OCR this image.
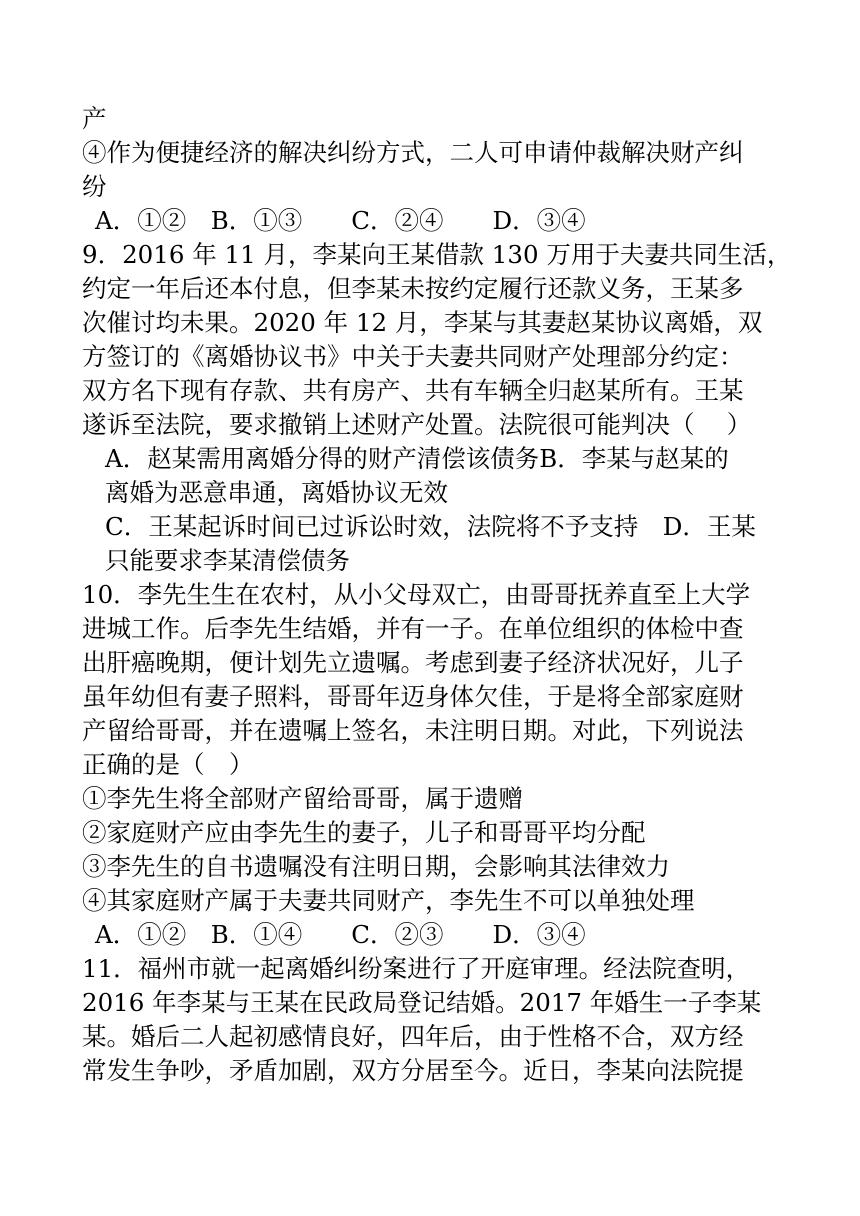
产
④作为便捷经济的解决纠纷方式，二人可申请仲裁解决财产纠
纷
A．①②　B．①③　　C．②④　　D．③④
9．2016 年 11 月，李某向王某借款 130 万用于夫妻共同生活，
约定一年后还本付息，但李某未按约定履行还款义务，王某多
次催讨均未果。2020 年 12 月，李某与其妻赵某协议离婚，双
方签订的《离婚协议书》中关于夫妻共同财产处理部分约定：
双方名下现有存款、共有房产、共有车辆全归赵某所有。王某
遂诉至法院，要求撤销上述财产处置。法院很可能判决（　 ）
A．赵某需用离婚分得的财产清偿该债务B．李某与赵某的
离婚为恶意串通，离婚协议无效
C．王某起诉时间已过诉讼时效，法院将不予支持　D．王某
只能要求李某清偿债务
10．李先生生在农村，从小父母双亡，由哥哥抚养直至上大学
进城工作。后李先生结婚，并有一子。在单位组织的体检中查
出肝癌晚期，便计划先立遗嘱。考虑到妻子经济状况好，儿子
虽年幼但有妻子照料，哥哥年迈身体欠佳，于是将全部家庭财
产留给哥哥，并在遗嘱上签名，未注明日期。对此，下列说法
正确的是（　）
①李先生将全部财产留给哥哥，属于遗赠
②家庭财产应由李先生的妻子，儿子和哥哥平均分配
③李先生的自书遗嘱没有注明日期，会影响其法律效力
④其家庭财产属于夫妻共同财产，李先生不可以单独处理
A．①②　B．①④　　C．②③　　D．③④
11．福州市就一起离婚纠纷案进行了开庭审理。经法院查明，
2016 年李某与王某在民政局登记结婚。2017 年婚生一子李某
某。婚后二人起初感情良好，四年后，由于性格不合，双方经
常发生争吵，矛盾加剧，双方分居至今。近日，李某向法院提
